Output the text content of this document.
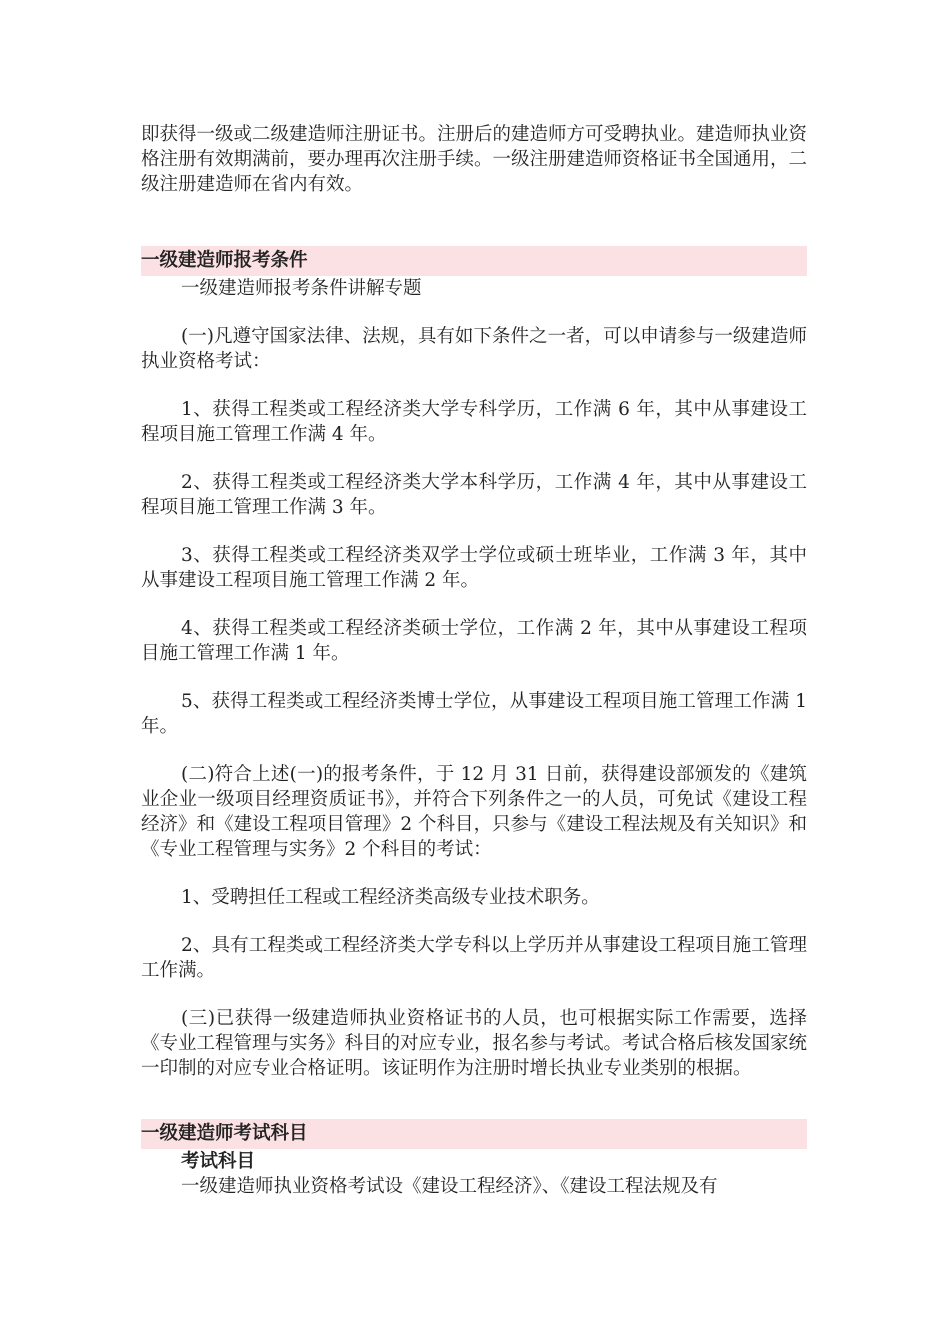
即获得一级或二级建造师注册证书。注册后的建造师方可受聘执业。建造师执业资格注册有效期满前，要办理再次注册手续。一级注册建造师资格证书全国通用，二级注册建造师在省内有效。

一级建造师报考条件

一级建造师报考条件讲解专题

(一)凡遵守国家法律、法规，具有如下条件之一者，可以申请参与一级建造师执业资格考试：

1、获得工程类或工程经济类大学专科学历，工作满 6 年，其中从事建设工程项目施工管理工作满 4 年。

2、获得工程类或工程经济类大学本科学历，工作满 4 年，其中从事建设工程项目施工管理工作满 3 年。

3、获得工程类或工程经济类双学士学位或硕士班毕业，工作满 3 年，其中从事建设工程项目施工管理工作满 2 年。

4、获得工程类或工程经济类硕士学位，工作满 2 年，其中从事建设工程项目施工管理工作满 1 年。

5、获得工程类或工程经济类博士学位，从事建设工程项目施工管理工作满 1 年。

(二)符合上述(一)的报考条件，于 12 月 31 日前，获得建设部颁发的《建筑业企业一级项目经理资质证书》，并符合下列条件之一的人员，可免试《建设工程经济》和《建设工程项目管理》2 个科目，只参与《建设工程法规及有关知识》和《专业工程管理与实务》2 个科目的考试：

1、受聘担任工程或工程经济类高级专业技术职务。

2、具有工程类或工程经济类大学专科以上学历并从事建设工程项目施工管理工作满。

(三)已获得一级建造师执业资格证书的人员，也可根据实际工作需要，选择《专业工程管理与实务》科目的对应专业，报名参与考试。考试合格后核发国家统一印制的对应专业合格证明。该证明作为注册时增长执业专业类别的根据。

一级建造师考试科目

考试科目

一级建造师执业资格考试设《建设工程经济》、《建设工程法规及有
